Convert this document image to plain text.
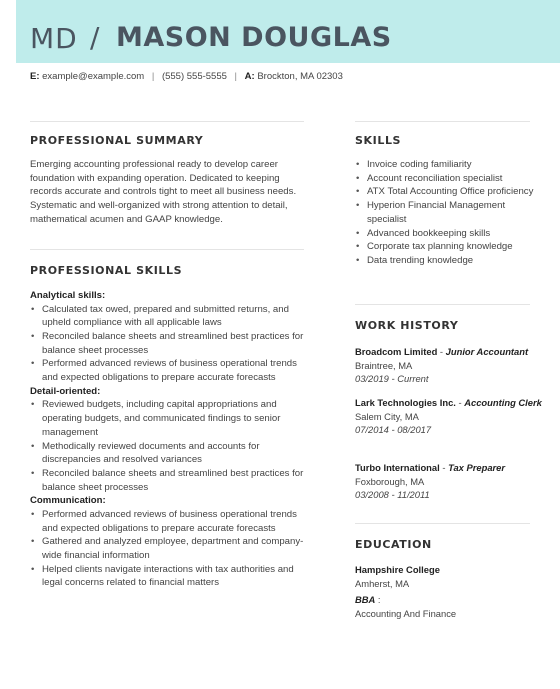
MD / MASON DOUGLAS
E: example@example.com | (555) 555-5555 | A: Brockton, MA 02303
PROFESSIONAL SUMMARY
Emerging accounting professional ready to develop career foundation with expanding operation. Dedicated to keeping records accurate and controls tight to meet all business needs. Systematic and well-organized with strong attention to detail, mathematical acumen and GAAP knowledge.
PROFESSIONAL SKILLS
Analytical skills:
• Calculated tax owed, prepared and submitted returns, and upheld compliance with all applicable laws
• Reconciled balance sheets and streamlined best practices for balance sheet processes
• Performed advanced reviews of business operational trends and expected obligations to prepare accurate forecasts
Detail-oriented:
• Reviewed budgets, including capital appropriations and operating budgets, and communicated findings to senior management
• Methodically reviewed documents and accounts for discrepancies and resolved variances
• Reconciled balance sheets and streamlined best practices for balance sheet processes
Communication:
• Performed advanced reviews of business operational trends and expected obligations to prepare accurate forecasts
• Gathered and analyzed employee, department and company-wide financial information
• Helped clients navigate interactions with tax authorities and legal concerns related to financial matters
SKILLS
• Invoice coding familiarity
• Account reconciliation specialist
• ATX Total Accounting Office proficiency
• Hyperion Financial Management specialist
• Advanced bookkeeping skills
• Corporate tax planning knowledge
• Data trending knowledge
WORK HISTORY
Broadcom Limited - Junior Accountant
Braintree, MA
03/2019 - Current
Lark Technologies Inc. - Accounting Clerk
Salem City, MA
07/2014 - 08/2017
Turbo International - Tax Preparer
Foxborough, MA
03/2008 - 11/2011
EDUCATION
Hampshire College
Amherst, MA
BBA :
Accounting And Finance
